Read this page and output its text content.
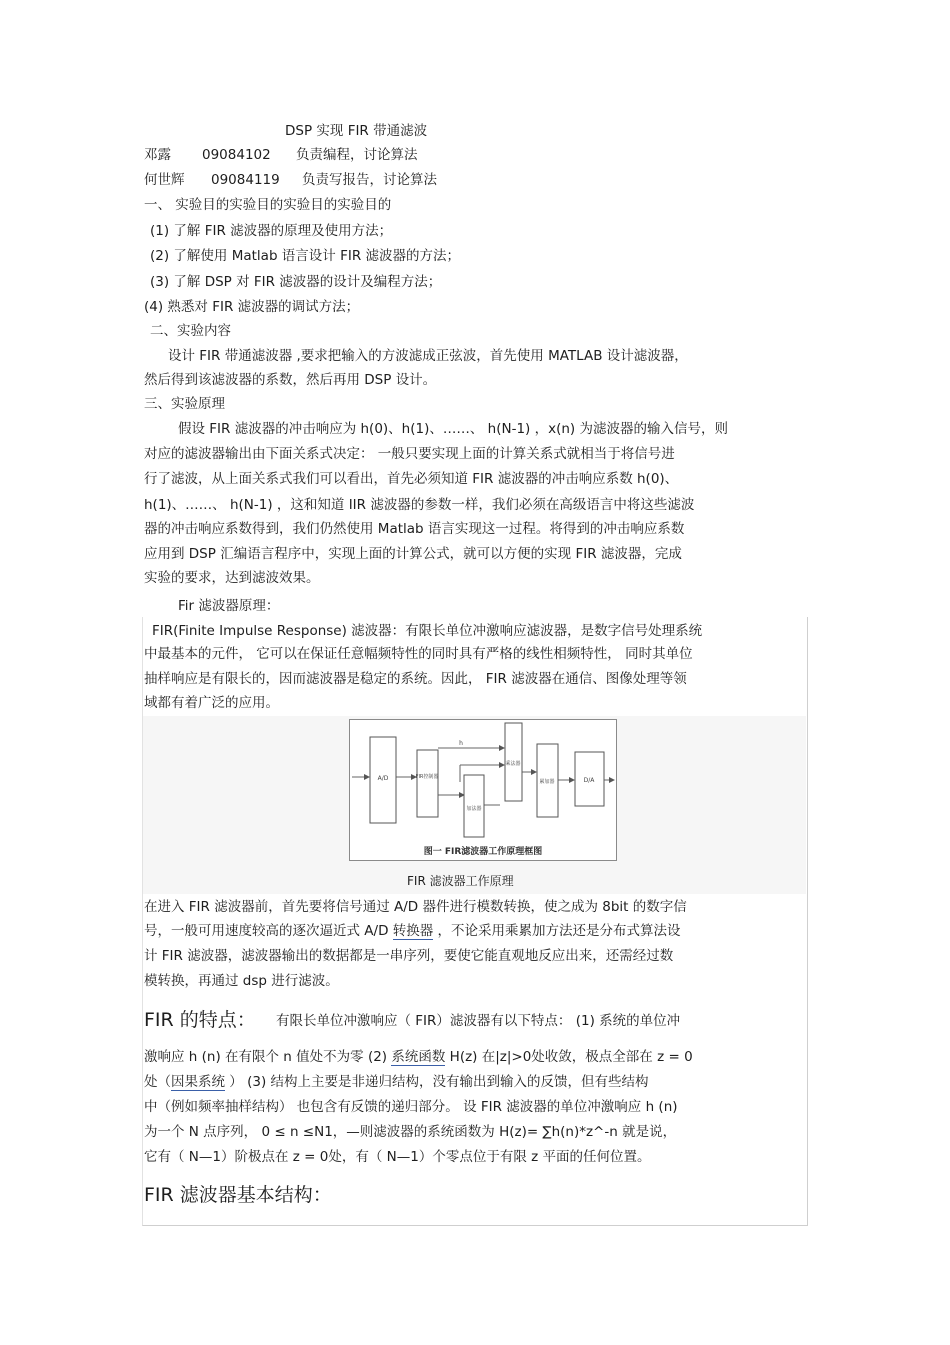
DSP 实现 FIR 带通滤波
邓露 09084102 负责编程，讨论算法
何世辉 09084119 负责写报告，讨论算法
一、 实验目的实验目的实验目的实验目的
(1) 了解 FIR 滤波器的原理及使用方法；
(2) 了解使用 Matlab 语言设计 FIR 滤波器的方法；
(3) 了解 DSP 对 FIR 滤波器的设计及编程方法；
(4) 熟悉对 FIR 滤波器的调试方法；
二、实验内容
设计 FIR 带通滤波器 ,要求把输入的方波滤成正弦波，首先使用 MATLAB 设计滤波器，
然后得到该滤波器的系数，然后再用 DSP 设计。
三、实验原理
假设 FIR 滤波器的冲击响应为 h(0)、h(1)、……、 h(N-1) ，x(n) 为滤波器的输入信号，则
对应的滤波器输出由下面关系式决定： 一般只要实现上面的计算关系式就相当于将信号进
行了滤波，从上面关系式我们可以看出，首先必须知道 FIR 滤波器的冲击响应系数 h(0)、
h(1)、……、 h(N-1) ，这和知道 IIR 滤波器的参数一样，我们必须在高级语言中将这些滤波
器的冲击响应系数得到，我们仍然使用 Matlab 语言实现这一过程。将得到的冲击响应系数
应用到 DSP 汇编语言程序中，实现上面的计算公式，就可以方便的实现 FIR 滤波器，完成
实验的要求，达到滤波效果。
Fir 滤波器原理：
FIR(Finite Impulse Response) 滤波器：有限长单位冲激响应滤波器，是数字信号处理系统
中最基本的元件， 它可以在保证任意幅频特性的同时具有严格的线性相频特性， 同时其单位
抽样响应是有限长的，因而滤波器是稳定的系统。因此， FIR 滤波器在通信、图像处理等领
域都有着广泛的应用。
A/D	FIR控制器
加法器
乘法器
累加器	D/A
h
图一 FIR滤波器工作原理框图
FIR 滤波器工作原理
在进入 FIR 滤波器前，首先要将信号通过 A/D 器件进行模数转换，使之成为 8bit 的数字信
号，一般可用速度较高的逐次逼近式 A/D 转换器 ，不论采用乘累加方法还是分布式算法设
计 FIR 滤波器，滤波器输出的数据都是一串序列，要使它能直观地反应出来，还需经过数
模转换，再通过 dsp 进行滤波。
FIR 的特点： 有限长单位冲激响应（ FIR）滤波器有以下特点： (1) 系统的单位冲
激响应 h (n) 在有限个 n 值处不为零 (2) 系统函数 H(z) 在|z|>0处收敛，极点全部在 z = 0
处（因果系统 ） (3) 结构上主要是非递归结构，没有输出到输入的反馈，但有些结构
中（例如频率抽样结构） 也包含有反馈的递归部分。 设 FIR 滤波器的单位冲激响应 h (n)
为一个 N 点序列， 0 ≤ n ≤N1，—则滤波器的系统函数为 H(z)= ∑h(n)*z^-n 就是说，
它有（ N—1）阶极点在 z = 0处，有（ N—1）个零点位于有限 z 平面的任何位置。
FIR 滤波器基本结构：
